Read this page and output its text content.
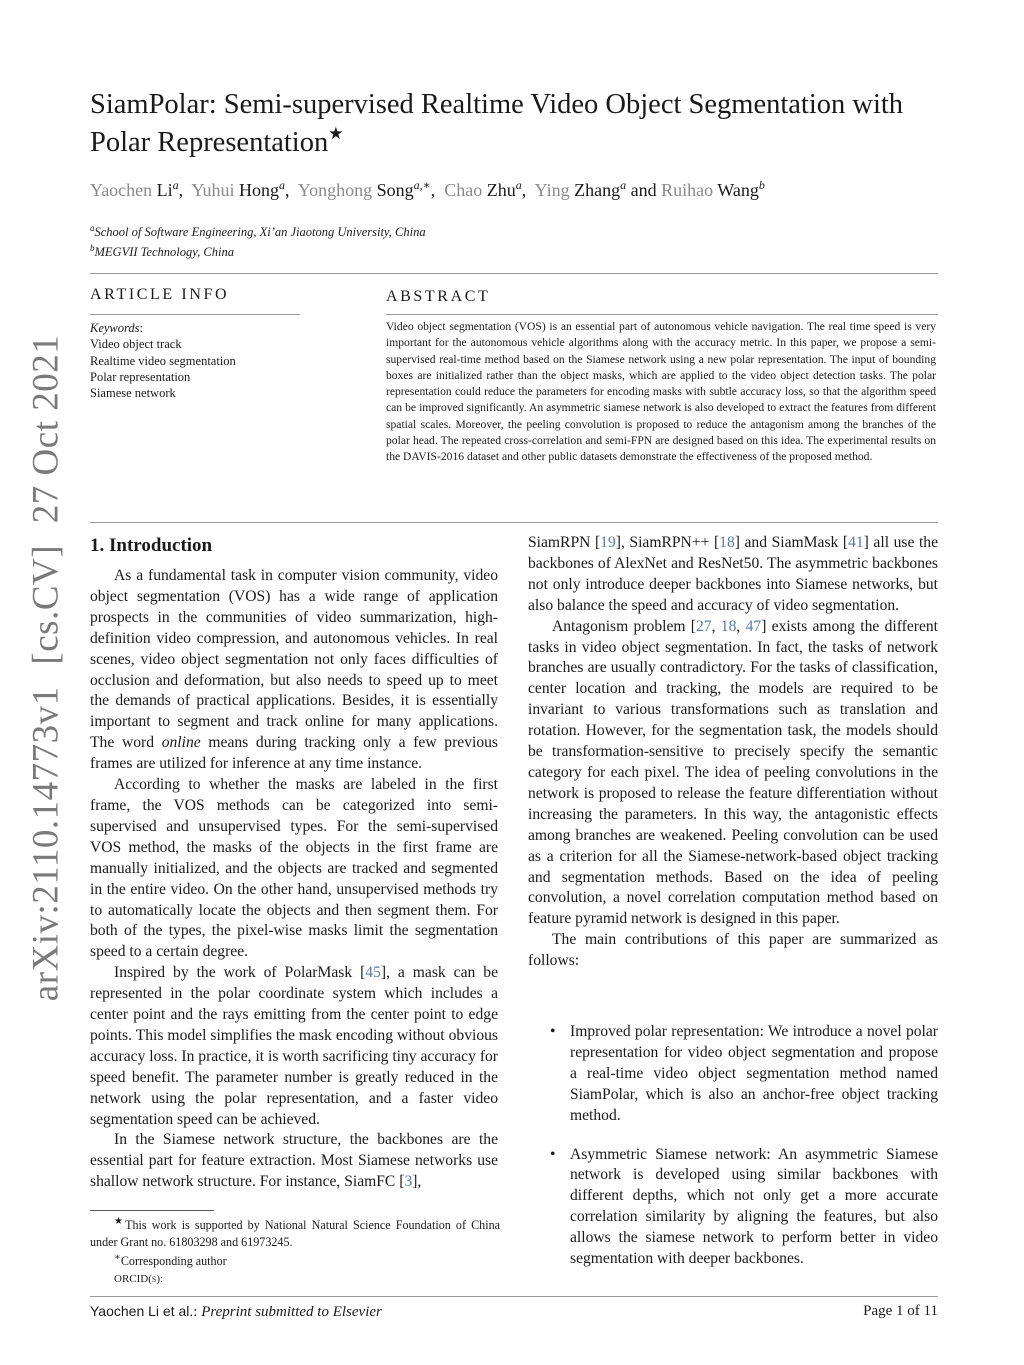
arXiv:2110.14773v1 [cs.CV] 27 Oct 2021
SiamPolar: Semi-supervised Realtime Video Object Segmentation with
Polar Representation★
Yaochen Li$^a$, Yuhui Hong$^a$, Yonghong Song$^{a,∗}$, Chao Zhu$^a$, Ying Zhang$^a$ and Ruihao Wang$^b$
$^a$School of Software Engineering, Xi’an Jiaotong University, China
$^b$MEGVII Technology, China
ARTICLE INFO
Keywords:
Video object track
Realtime video segmentation
Polar representation
Siamese network
ABSTRACT
Video object segmentation (VOS) is an essential part of autonomous vehicle navigation. The real time speed is very important for the autonomous vehicle algorithms along with the accuracy metric. In this paper, we propose a semi-supervised real-time method based on the Siamese network using a new polar representation. The input of bounding boxes are initialized rather than the object masks, which are applied to the video object detection tasks. The polar representation could reduce the parameters for encoding masks with subtle accuracy loss, so that the algorithm speed can be improved significantly. An asymmetric siamese network is also developed to extract the features from different spatial scales. Moreover, the peeling convolution is proposed to reduce the antagonism among the branches of the polar head. The repeated cross-correlation and semi-FPN are designed based on this idea. The experimental results on the DAVIS-2016 dataset and other public datasets demonstrate the effectiveness of the proposed method.
1. Introduction

As a fundamental task in computer vision community, video object segmentation (VOS) has a wide range of application prospects in the communities of video summarization, high-definition video compression, and autonomous vehicles. In real scenes, video object segmentation not only faces difficulties of occlusion and deformation, but also needs to speed up to meet the demands of practical applications. Besides, it is essentially important to segment and track online for many applications. The word online means during tracking only a few previous frames are utilized for inference at any time instance.

According to whether the masks are labeled in the first frame, the VOS methods can be categorized into semi-supervised and unsupervised types. For the semi-supervised VOS method, the masks of the objects in the first frame are manually initialized, and the objects are tracked and segmented in the entire video. On the other hand, unsupervised methods try to automatically locate the objects and then segment them. For both of the types, the pixel-wise masks limit the segmentation speed to a certain degree.

Inspired by the work of PolarMask [45], a mask can be represented in the polar coordinate system which includes a center point and the rays emitting from the center point to edge points. This model simplifies the mask encoding without obvious accuracy loss. In practice, it is worth sacrificing tiny accuracy for speed benefit. The parameter number is greatly reduced in the network using the polar representation, and a faster video segmentation speed can be achieved.

In the Siamese network structure, the backbones are the essential part for feature extraction. Most Siamese networks use shallow network structure. For instance, SiamFC [3],

★This work is supported by National Natural Science Foundation of China under Grant no. 61803298 and 61973245.

∗Corresponding author

ORCID(s):

SiamRPN [19], SiamRPN++ [18] and SiamMask [41] all use the backbones of AlexNet and ResNet50. The asymmetric backbones not only introduce deeper backbones into Siamese networks, but also balance the speed and accuracy of video segmentation.

Antagonism problem [27, 18, 47] exists among the different tasks in video object segmentation. In fact, the tasks of network branches are usually contradictory. For the tasks of classification, center location and tracking, the models are required to be invariant to various transformations such as translation and rotation. However, for the segmentation task, the models should be transformation-sensitive to precisely specify the semantic category for each pixel. The idea of peeling convolutions in the network is proposed to release the feature differentiation without increasing the parameters. In this way, the antagonistic effects among branches are weakened. Peeling convolution can be used as a criterion for all the Siamese-network-based object tracking and segmentation methods. Based on the idea of peeling convolution, a novel correlation computation method based on feature pyramid network is designed in this paper.

The main contributions of this paper are summarized as follows:

• Improved polar representation: We introduce a novel polar representation for video object segmentation and propose a real-time video object segmentation method named SiamPolar, which is also an anchor-free object tracking method.
• Asymmetric Siamese network: An asymmetric Siamese network is developed using similar backbones with different depths, which not only get a more accurate correlation similarity by aligning the features, but also allows the siamese network to perform better in video segmentation with deeper backbones.
Yaochen Li et al.: Preprint submitted to Elsevier	Page 1 of 11
